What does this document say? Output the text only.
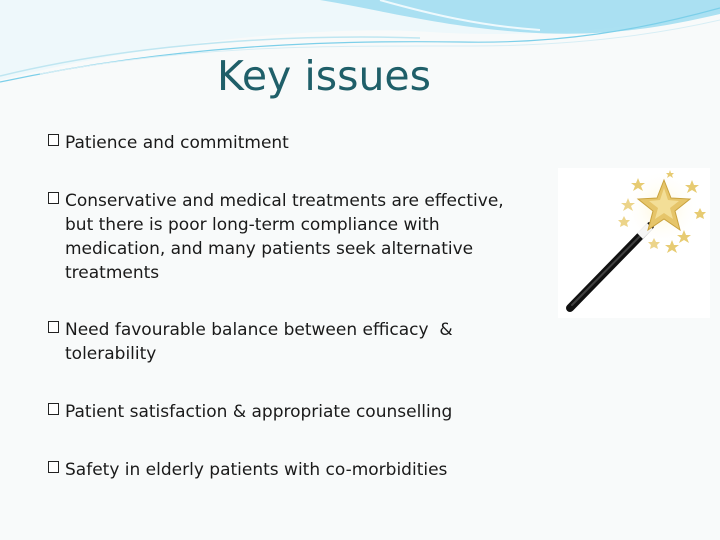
Key issues
Patience and commitment
Conservative and medical treatments are effective,
but there is poor long-term compliance with
medication, and many patients seek alternative
treatments
Need favourable balance between efficacy  &
tolerability
Patient satisfaction & appropriate counselling
Safety in elderly patients with co-morbidities
